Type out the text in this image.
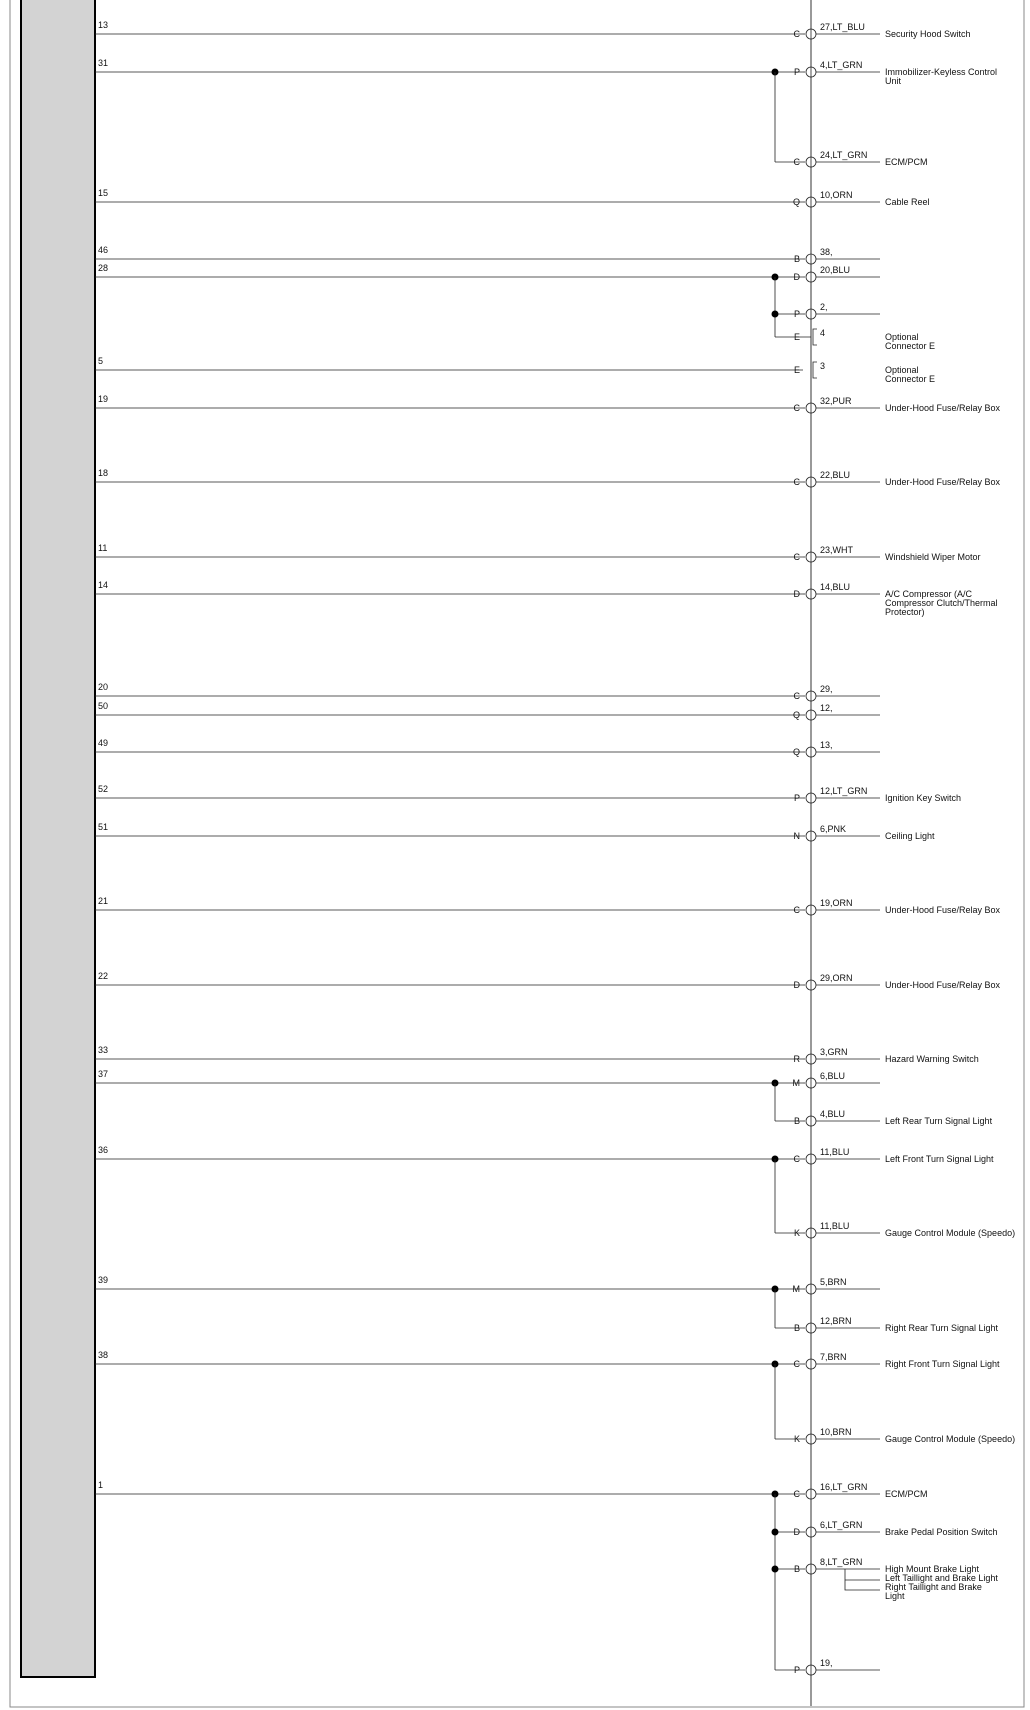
13
C
27,LT_BLU
Security Hood Switch
31
P
4,LT_GRN
Immobilizer-Keyless Control
Unit
C
24,LT_GRN
ECM/PCM
15
Q
10,ORN
Cable Reel
46
B
38,
28
D
20,BLU
P
2,
E 4	Optional
Connector E
5
E 3	Optional
Connector E
19
C
32,PUR
Under-Hood Fuse/Relay Box
18
C
22,BLU
Under-Hood Fuse/Relay Box
11
C
23,WHT
Windshield Wiper Motor
14
D
14,BLU
A/C Compressor (A/C
Compressor Clutch/Thermal
Protector)
20
C
29,
50
Q
12,
49
Q
13,
52
P
12,LT_GRN
Ignition Key Switch
51
N
6,PNK
Ceiling Light
21
C
19,ORN
Under-Hood Fuse/Relay Box
22
D
29,ORN
Under-Hood Fuse/Relay Box
33
R
3,GRN
Hazard Warning Switch
37
M
6,BLU
B
4,BLU
Left Rear Turn Signal Light
36
C
11,BLU
Left Front Turn Signal Light
K
11,BLU
Gauge Control Module (Speedo)
39
M
5,BRN
B
12,BRN
Right Rear Turn Signal Light
38
C
7,BRN
Right Front Turn Signal Light
K
10,BRN
Gauge Control Module (Speedo)
1
C
16,LT_GRN
ECM/PCM
D
6,LT_GRN
Brake Pedal Position Switch
B
8,LT_GRN
High Mount Brake Light
Left Taillight and Brake Light
Right Taillight and Brake
Light
P
19,
